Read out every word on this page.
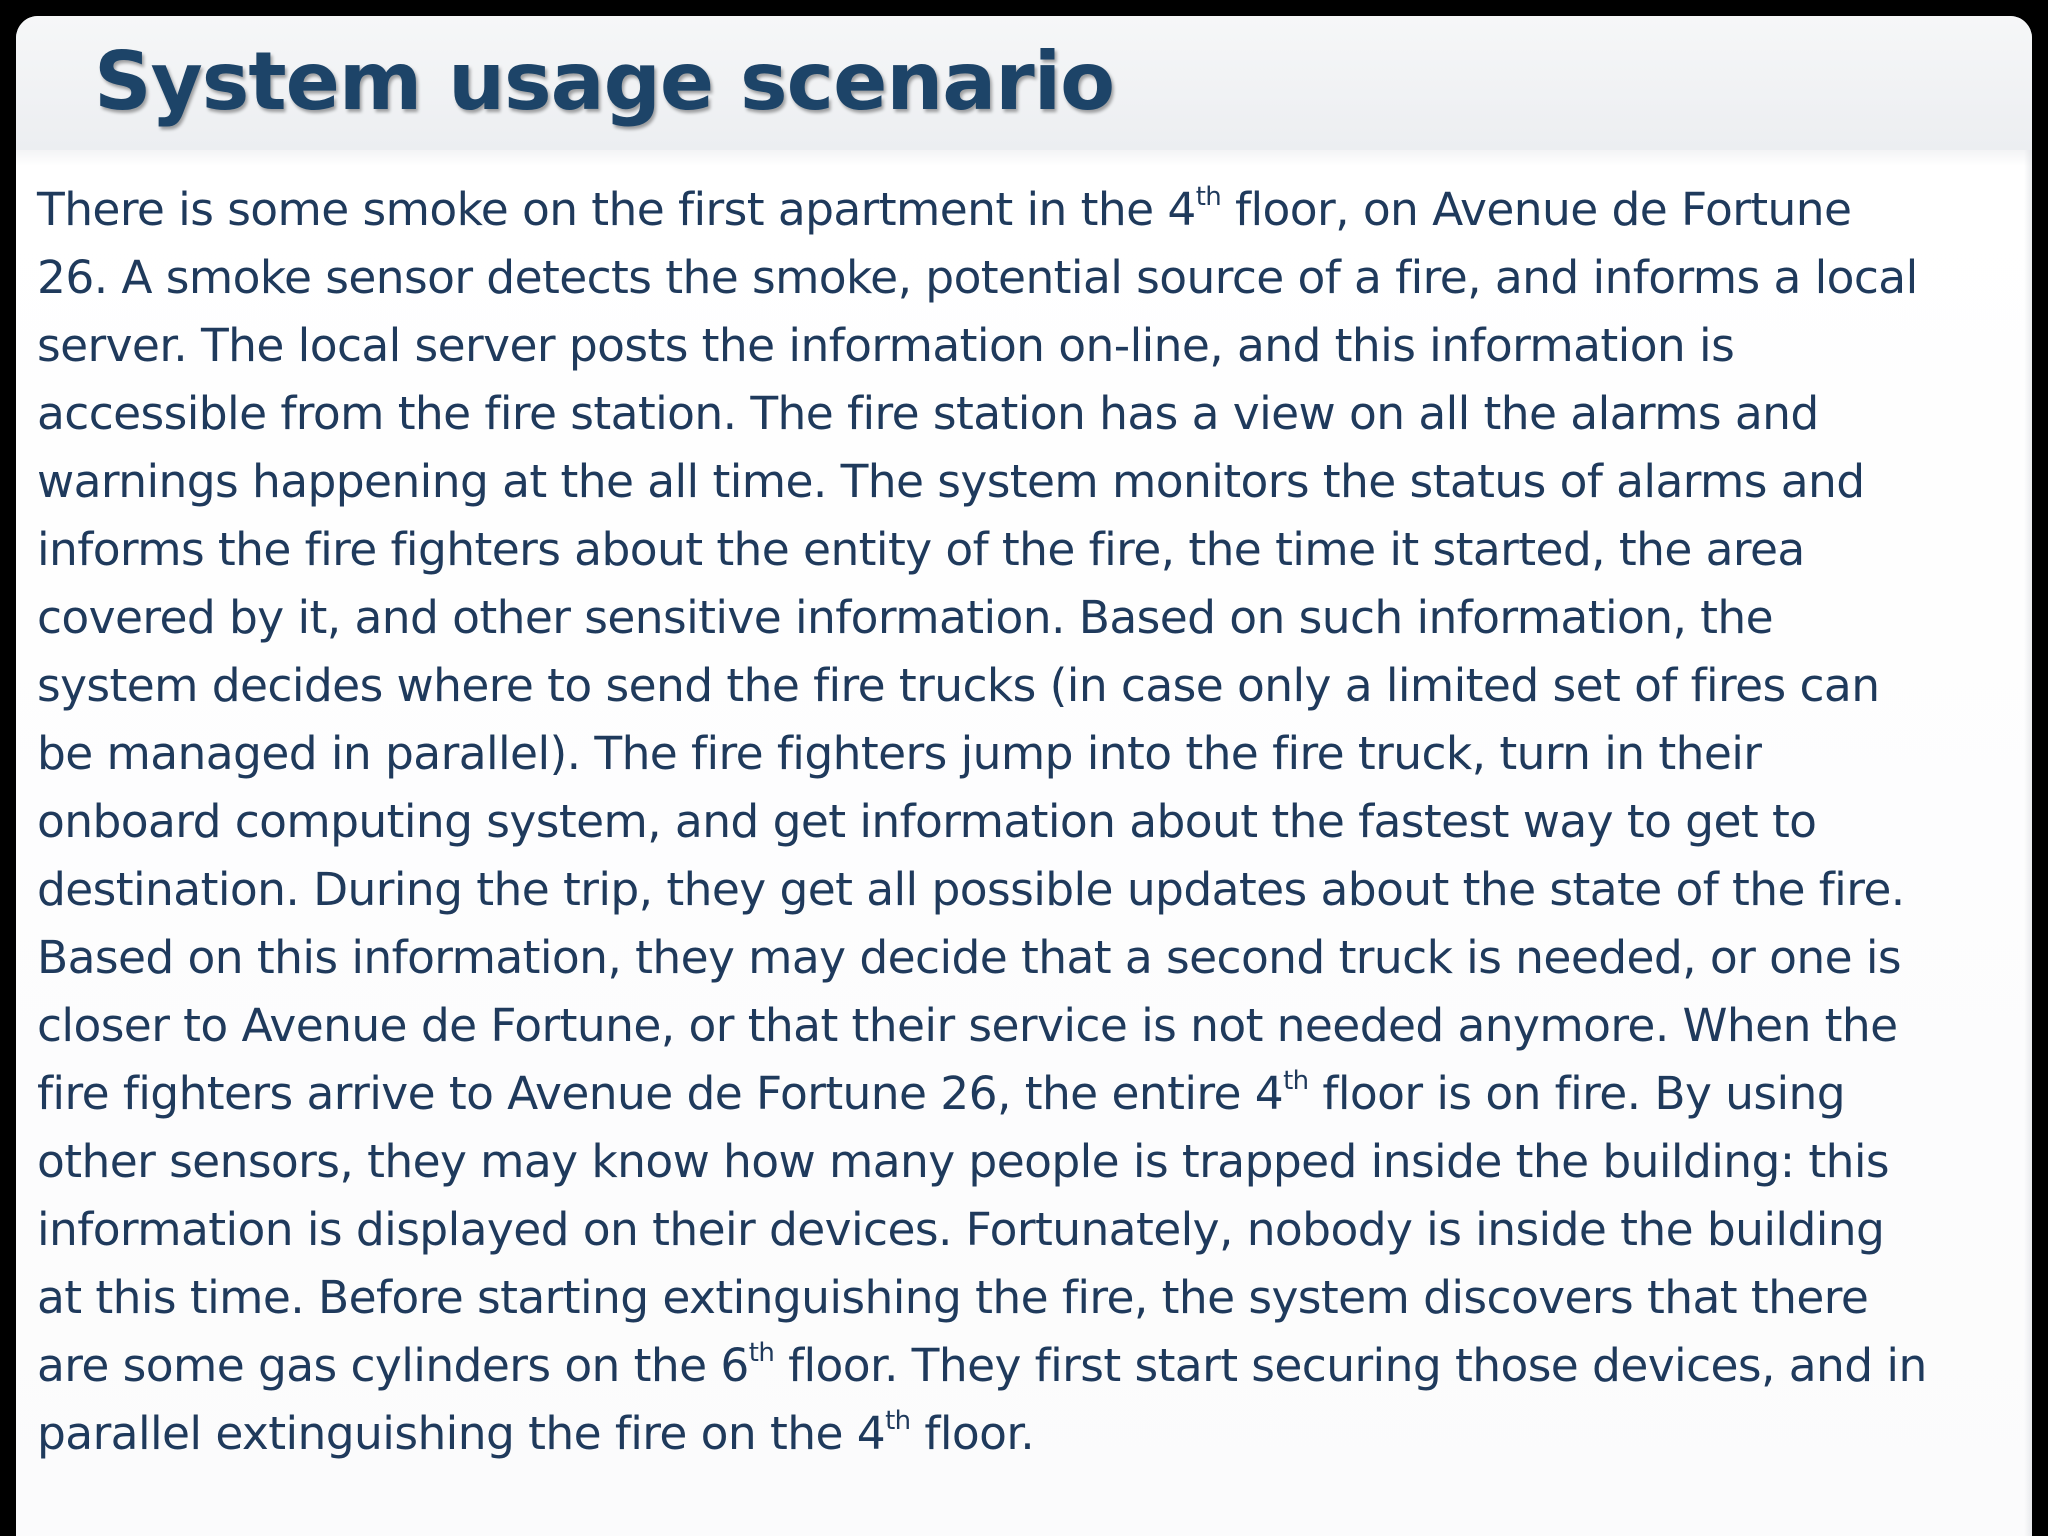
System usage scenario
There is some smoke on the first apartment in the 4th floor, on Avenue de Fortune
26. A smoke sensor detects the smoke, potential source of a fire, and informs a local
server. The local server posts the information on-line, and this information is
accessible from the fire station. The fire station has a view on all the alarms and
warnings happening at the all time. The system monitors the status of alarms and
informs the fire fighters about the entity of the fire, the time it started, the area
covered by it, and other sensitive information. Based on such information, the
system decides where to send the fire trucks (in case only a limited set of fires can
be managed in parallel). The fire fighters jump into the fire truck, turn in their
onboard computing system, and get information about the fastest way to get to
destination. During the trip, they get all possible updates about the state of the fire.
Based on this information, they may decide that a second truck is needed, or one is
closer to Avenue de Fortune, or that their service is not needed anymore. When the
fire fighters arrive to Avenue de Fortune 26, the entire 4th floor is on fire. By using
other sensors, they may know how many people is trapped inside the building: this
information is displayed on their devices. Fortunately, nobody is inside the building
at this time. Before starting extinguishing the fire, the system discovers that there
are some gas cylinders on the 6th floor. They first start securing those devices, and in
parallel extinguishing the fire on the 4th floor.
